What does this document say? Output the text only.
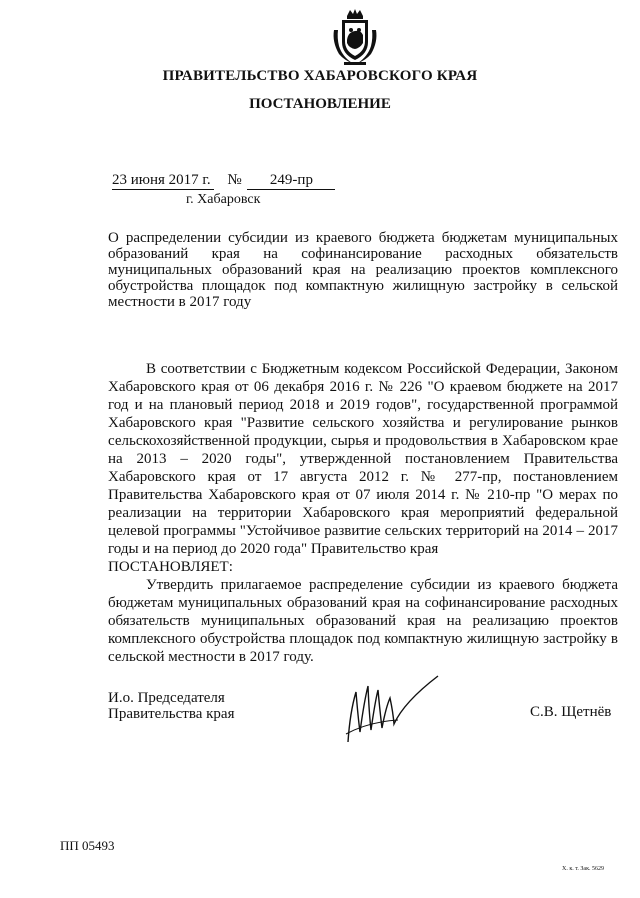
ПРАВИТЕЛЬСТВО ХАБАРОВСКОГО КРАЯ
ПОСТАНОВЛЕНИЕ
23 июня 2017 г. № 249-пр
г. Хабаровск
О распределении субсидии из краевого бюджета бюджетам муниципальных образований края на софинансирование расходных обязательств муниципальных образований края на реализацию проектов комплексного обустройства площадок под компактную жилищную застройку в сельской местности в 2017 году

В соответствии с Бюджетным кодексом Российской Федерации, Законом Хабаровского края от 06 декабря 2016 г. № 226 "О краевом бюджете на 2017 год и на плановый период 2018 и 2019 годов", государственной программой Хабаровского края "Развитие сельского хозяйства и регулирование рынков сельскохозяйственной продукции, сырья и продовольствия в Хабаровском крае на 2013 – 2020 годы", утвержденной постановлением Правительства Хабаровского края от 17 августа 2012 г. № 277-пр, постановлением Правительства Хабаровского края от 07 июля 2014 г. № 210-пр "О мерах по реализации на территории Хабаровского края мероприятий федеральной целевой программы "Устойчивое развитие сельских территорий на 2014 – 2017 годы и на период до 2020 года" Правительство края

ПОСТАНОВЛЯЕТ:

Утвердить прилагаемое распределение субсидии из краевого бюджета бюджетам муниципальных образований края на софинансирование расходных обязательств муниципальных образований края на реализацию проектов комплексного обустройства площадок под компактную жилищную застройку в сельской местности в 2017 году.

И.о. Председателя
Правительства края	С.В. Щетнёв
ПП 05493
Х. к. т. Зак. 5629
